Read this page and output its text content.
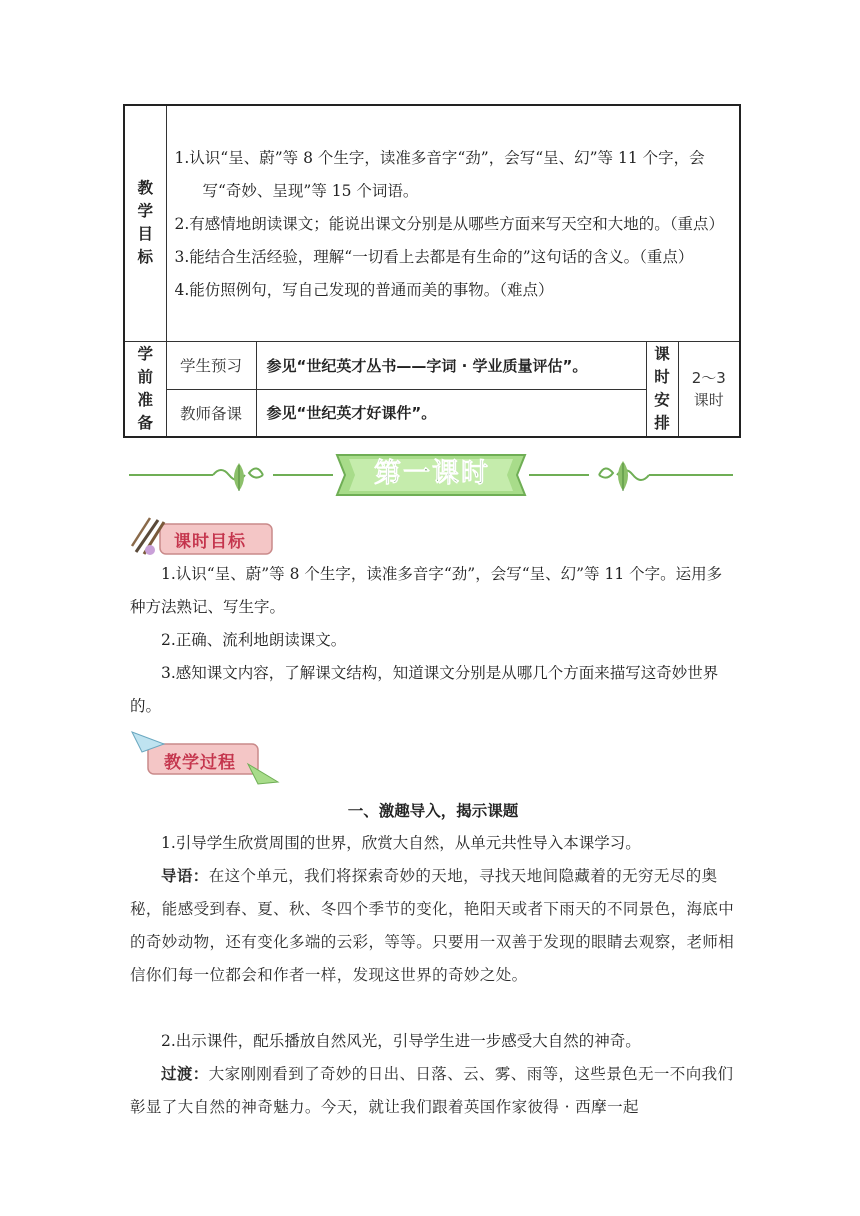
教学目标	1.认识“呈、蔚”等 8 个生字，读准多音字“劲”，会写“呈、幻”等 11 个字，会写“奇妙、呈现”等 15 个词语。

2.有感情地朗读课文；能说出课文分别是从哪些方面来写天空和大地的。（重点）

3.能结合生活经验，理解“一切看上去都是有生命的”这句话的含义。（重点）

4.能仿照例句，写自己发现的普通而美的事物。（难点）			

学前准备	学生预习	参见“世纪英才丛书——字词 · 学业质量评估”。	课时安排	2～3 课时

	教师备课	参见“世纪英才好课件”。		
第一课时
课时目标

1.认识“呈、蔚”等 8 个生字，读准多音字“劲”，会写“呈、幻”等 11 个字。运用多种方法熟记、写生字。

2.正确、流利地朗读课文。

3.感知课文内容，了解课文结构，知道课文分别是从哪几个方面来描写这奇妙世界的。

教学过程
一、激趣导入，揭示课题

1.引导学生欣赏周围的世界，欣赏大自然，从单元共性导入本课学习。

导语：在这个单元，我们将探索奇妙的天地，寻找天地间隐藏着的无穷无尽的奥秘，能感受到春、夏、秋、冬四个季节的变化，艳阳天或者下雨天的不同景色，海底中的奇妙动物，还有变化多端的云彩，等等。只要用一双善于发现的眼睛去观察，老师相信你们每一位都会和作者一样，发现这世界的奇妙之处。

2.出示课件，配乐播放自然风光，引导学生进一步感受大自然的神奇。

过渡：大家刚刚看到了奇妙的日出、日落、云、雾、雨等，这些景色无一不向我们彰显了大自然的神奇魅力。今天，就让我们跟着英国作家彼得 · 西摩一起
